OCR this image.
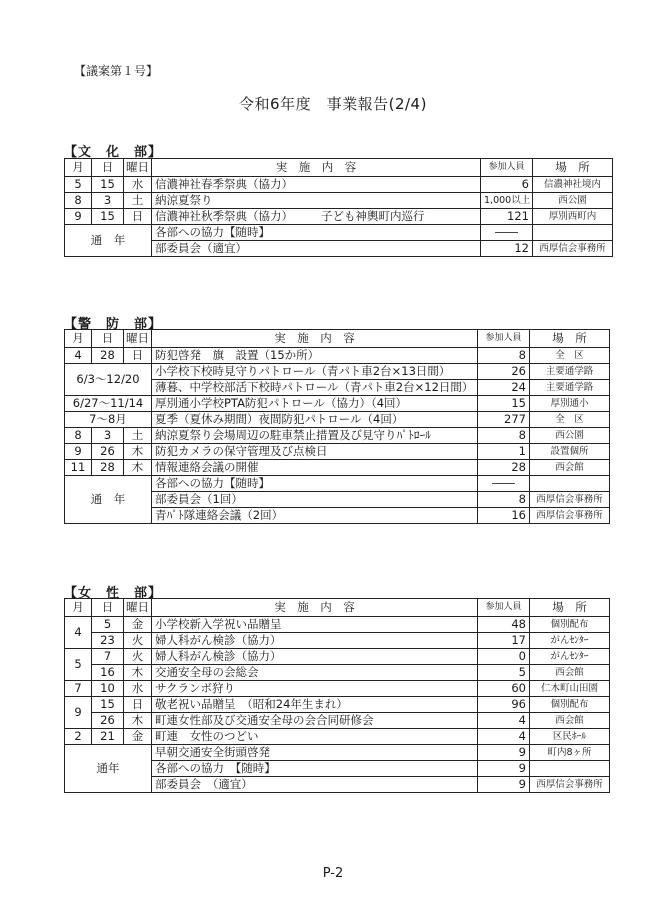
【議案第１号】
令和6年度　事業報告(2/4)
【文　化　部】
月	日	曜日	実　施　内　容	参加人員	場　所
5	15	水	信濃神社春季祭典（協力）	6	信濃神社境内
8	3	土	納涼夏祭り	1,000以上	西公園
9	15	日	信濃神社秋季祭典（協力） 子ども神輿町内巡行	121	厚別西町内
通　年			各部への協力【随時】	――	
			部委員会（適宜）	12	西厚信会事務所
【警　防　部】
月	日	曜日	実　施　内　容	参加人員	場　所
4	28	日	防犯啓発　旗　設置（15か所）	8	全　区
6/3～12/20			小学校下校時見守りパトロール（青パト車2台×13日間）	26	主要通学路
			薄暮、中学校部活下校時パトロール（青パト車2台×12日間）	24	主要通学路
6/27～11/14			厚別通小学校PTA防犯パトロール（協力）（4回）	15	厚別通小
7～8月			夏季（夏休み期間）夜間防犯パトロール（4回）	277	全　区
8	3	土	納涼夏祭り会場周辺の駐車禁止措置及び見守りﾊﾟﾄﾛｰﾙ	8	西公園
9	26	木	防犯カメラの保守管理及び点検日	1	設置個所
11	28	木	情報連絡会議の開催	28	西会館
通　年			各部への協力【随時】	――	
			部委員会（1回）	8	西厚信会事務所
			青ﾊﾟﾄ隊連絡会議（2回）	16	西厚信会事務所
【女　性　部】
月	日	曜日	実　施　内　容	参加人員	場　所
4	5	金	小学校新入学祝い品贈呈	48	個別配布
	23	火	婦人科がん検診（協力）	17	がんｾﾝﾀｰ
5	7	火	婦人科がん検診（協力）	0	がんｾﾝﾀｰ
	16	木	交通安全母の会総会	5	西会館
7	10	水	サクランボ狩り	60	仁木町山田園
9	15	日	敬老祝い品贈呈　（昭和24年生まれ）	96	個別配布
	26	木	町連女性部及び交通安全母の会合同研修会	4	西会館
2	21	金	町連　女性のつどい	4	区民ﾎｰﾙ
通年			早朝交通安全街頭啓発	9	町内8ヶ所
			各部への協力　【随時】	9	
			部委員会　（適宜）	9	西厚信会事務所
P-2
